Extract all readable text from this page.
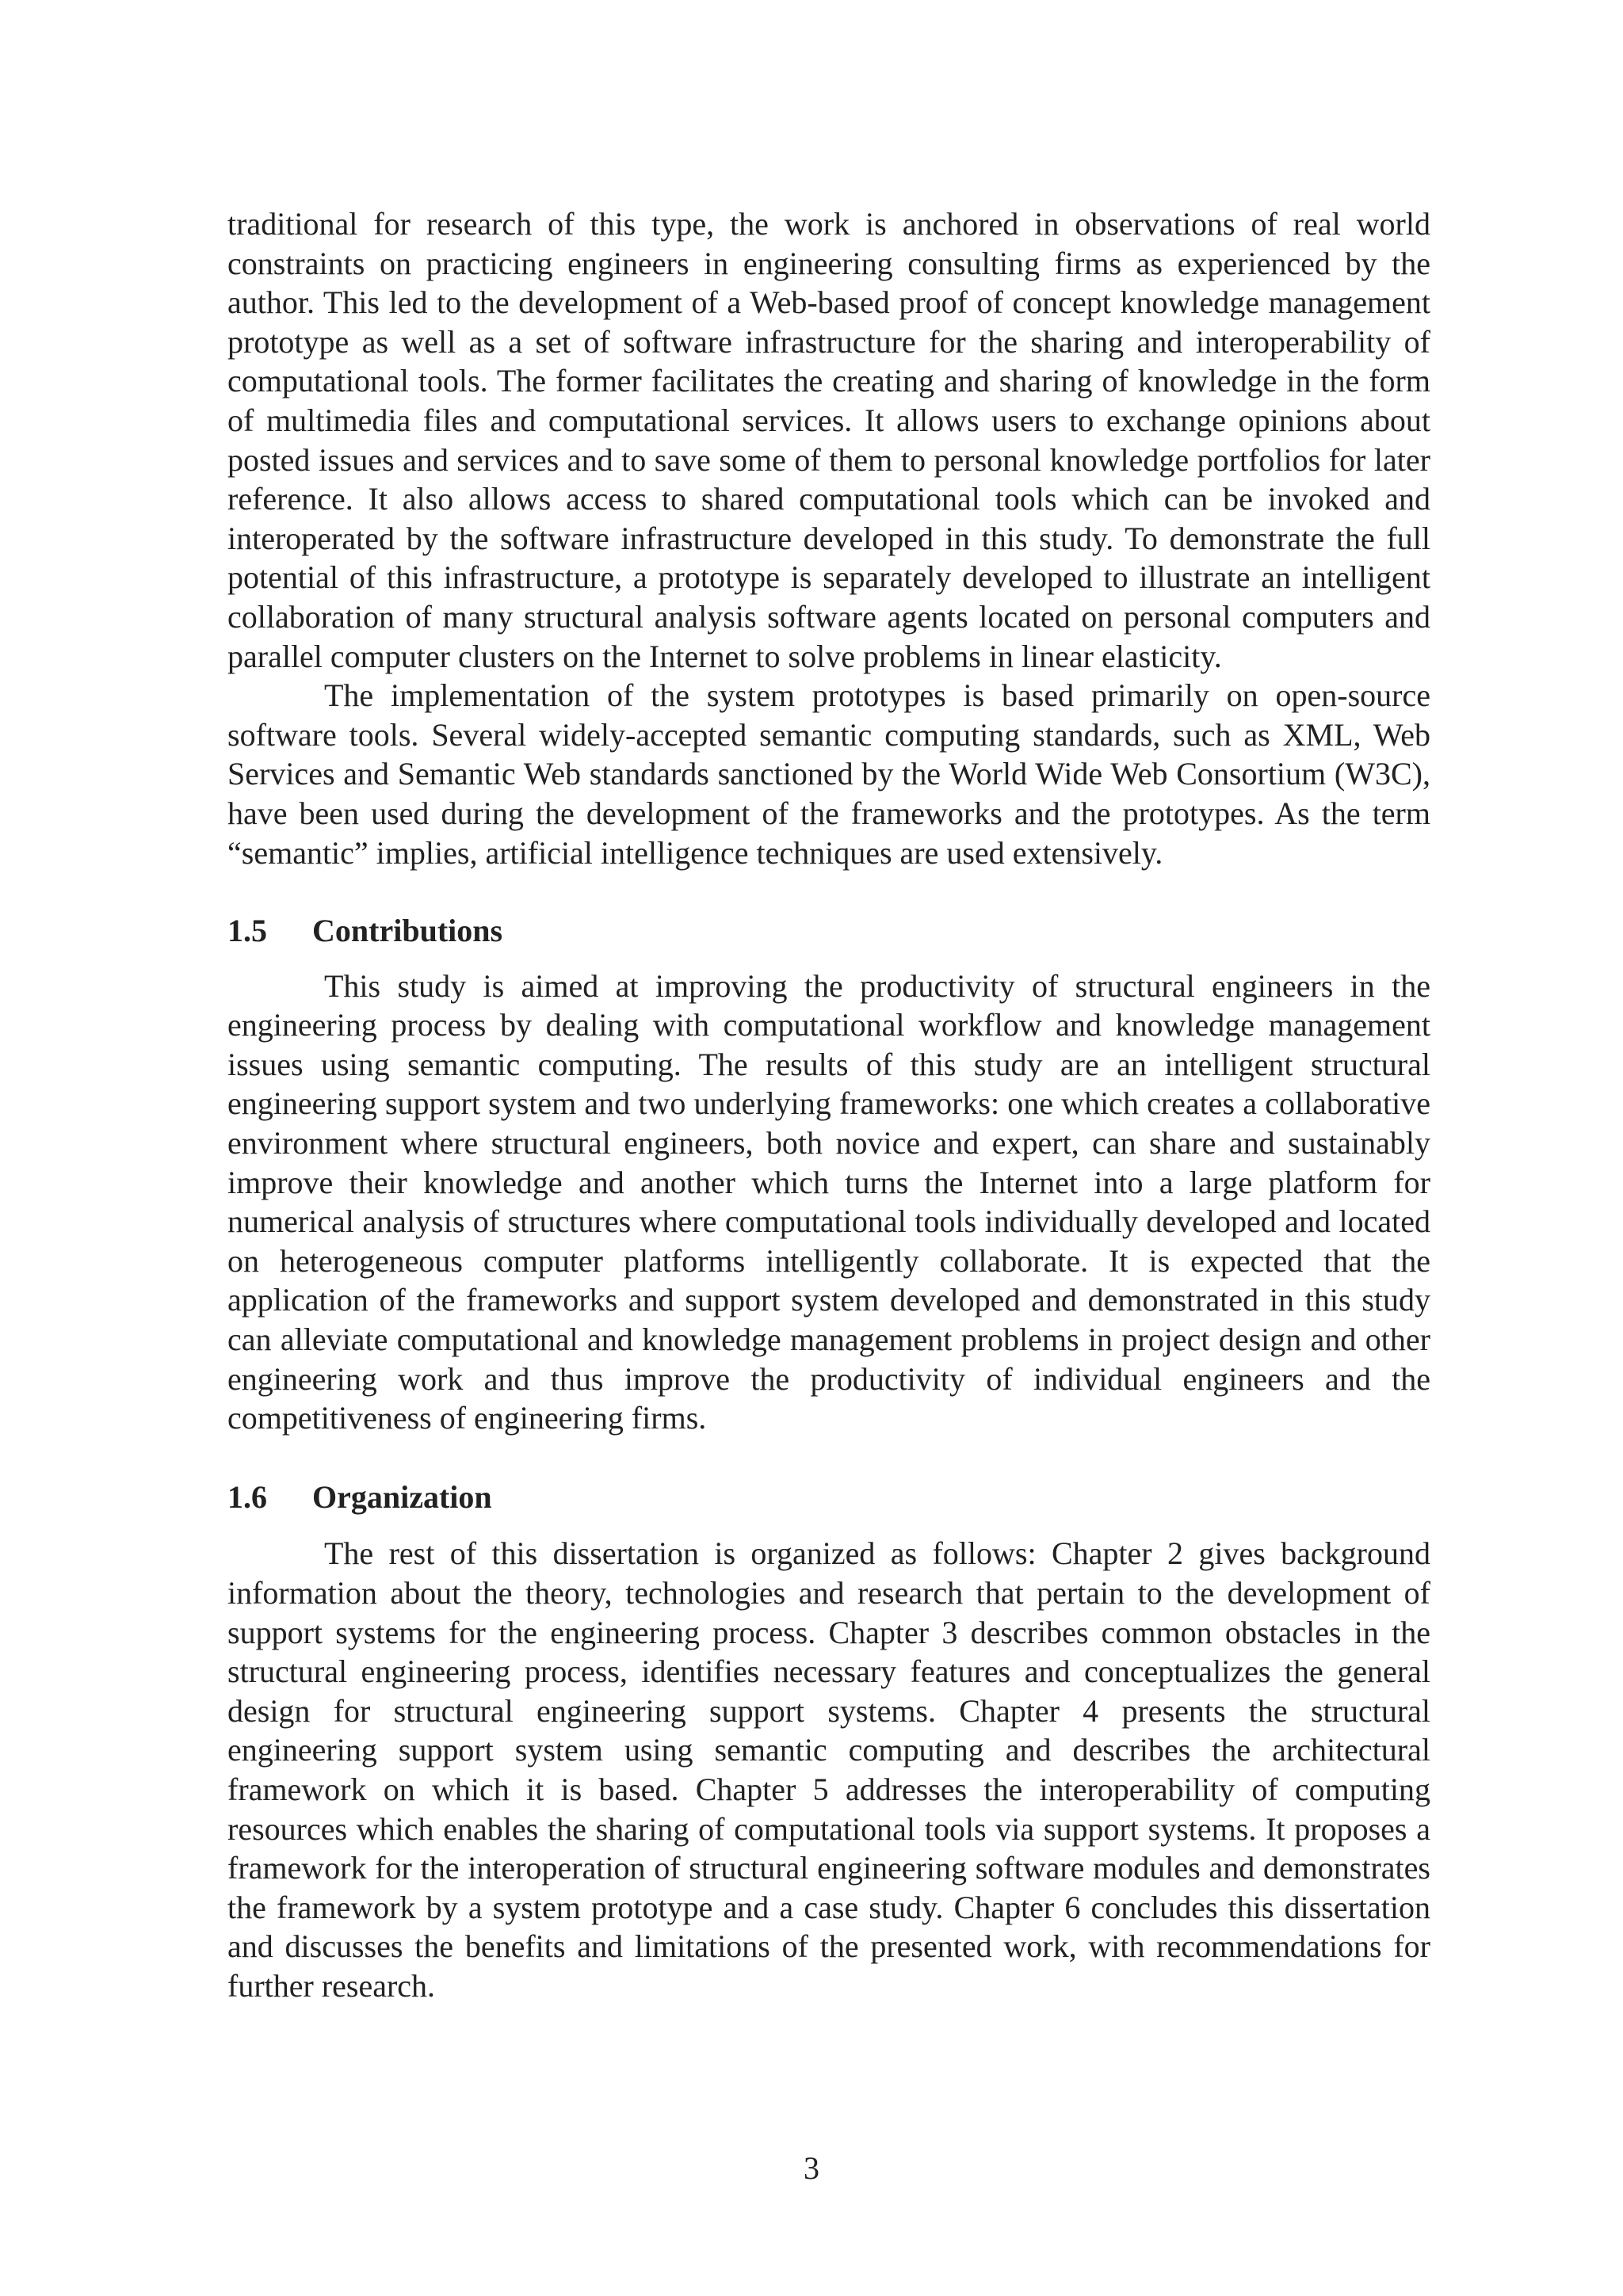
traditional for research of this type, the work is anchored in observations of real world constraints on practicing engineers in engineering consulting firms as experienced by the author. This led to the development of a Web-based proof of concept knowledge management prototype as well as a set of software infrastructure for the sharing and interoperability of computational tools. The former facilitates the creating and sharing of knowledge in the form of multimedia files and computational services. It allows users to exchange opinions about posted issues and services and to save some of them to personal knowledge portfolios for later reference. It also allows access to shared computational tools which can be invoked and interoperated by the software infrastructure developed in this study. To demonstrate the full potential of this infrastructure, a prototype is separately developed to illustrate an intelligent collaboration of many structural analysis software agents located on personal computers and parallel computer clusters on the Internet to solve problems in linear elasticity.

The implementation of the system prototypes is based primarily on open-source software tools. Several widely-accepted semantic computing standards, such as XML, Web Services and Semantic Web standards sanctioned by the World Wide Web Consortium (W3C), have been used during the development of the frameworks and the prototypes. As the term “semantic” implies, artificial intelligence techniques are used extensively.

1.5 Contributions

This study is aimed at improving the productivity of structural engineers in the engineering process by dealing with computational workflow and knowledge management issues using semantic computing. The results of this study are an intelligent structural engineering support system and two underlying frameworks: one which creates a collaborative environment where structural engineers, both novice and expert, can share and sustainably improve their knowledge and another which turns the Internet into a large platform for numerical analysis of structures where computational tools individually developed and located on heterogeneous computer platforms intelligently collaborate. It is expected that the application of the frameworks and support system developed and demonstrated in this study can alleviate computational and knowledge management problems in project design and other engineering work and thus improve the productivity of individual engineers and the competitiveness of engineering firms.

1.6 Organization

The rest of this dissertation is organized as follows: Chapter 2 gives background information about the theory, technologies and research that pertain to the development of support systems for the engineering process. Chapter 3 describes common obstacles in the structural engineering process, identifies necessary features and conceptualizes the general design for structural engineering support systems. Chapter 4 presents the structural engineering support system using semantic computing and describes the architectural framework on which it is based. Chapter 5 addresses the interoperability of computing resources which enables the sharing of computational tools via support systems. It proposes a framework for the interoperation of structural engineering software modules and demonstrates the framework by a system prototype and a case study. Chapter 6 concludes this dissertation and discusses the benefits and limitations of the presented work, with recommendations for further research.

3
